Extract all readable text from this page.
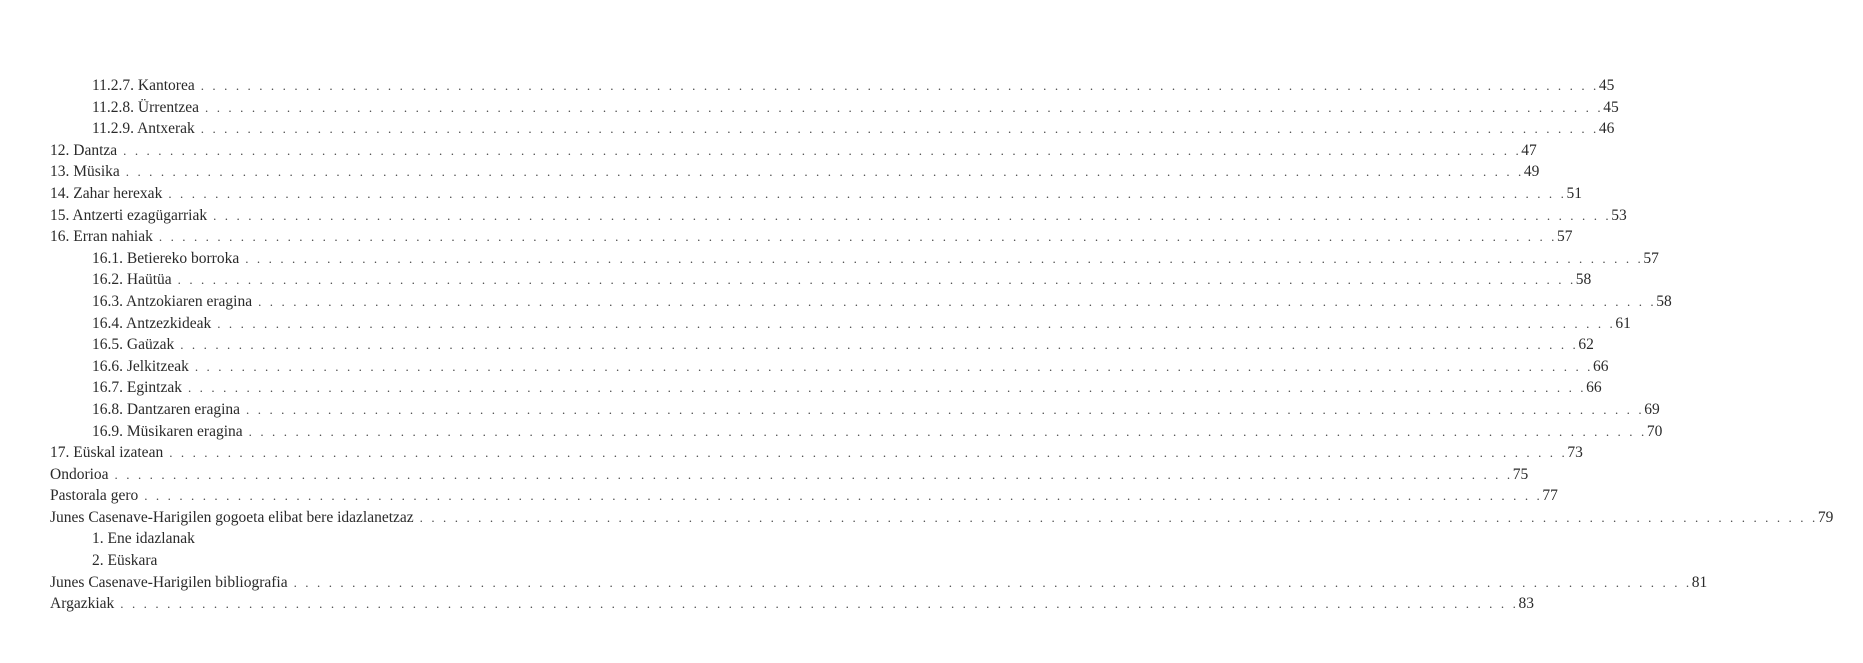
11.2.7. Kantorea . . . . . . . . . . . . . . . . . . . . . . . . . . . . . . . . . . . . . . . . . . . . . . . . . . . . . . . . . . . . . . . . . . . . . . . . . . . . . . . . . . . . . . . . . . . . . . . . . . . . . . . . . . . . . . . . . . . . . . . . 45
11.2.8. Ürrentzea . . . . . . . . . . . . . . . . . . . . . . . . . . . . . . . . . . . . . . . . . . . . . . . . . . . . . . . . . . . . . . . . . . . . . . . . . . . . . . . . . . . . . . . . . . . . . . . . . . . . . . . . . . . . . . . . . . . . . . . . 45
11.2.9. Antxerak . . . . . . . . . . . . . . . . . . . . . . . . . . . . . . . . . . . . . . . . . . . . . . . . . . . . . . . . . . . . . . . . . . . . . . . . . . . . . . . . . . . . . . . . . . . . . . . . . . . . . . . . . . . . . . . . . . . . . . . . 46
12. Dantza . . . . . . . . . . . . . . . . . . . . . . . . . . . . . . . . . . . . . . . . . . . . . . . . . . . . . . . . . . . . . . . . . . . . . . . . . . . . . . . . . . . . . . . . . . . . . . . . . . . . . . . . . . . . . . . . . . . . . . . . 47
13. Müsika . . . . . . . . . . . . . . . . . . . . . . . . . . . . . . . . . . . . . . . . . . . . . . . . . . . . . . . . . . . . . . . . . . . . . . . . . . . . . . . . . . . . . . . . . . . . . . . . . . . . . . . . . . . . . . . . . . . . . . . . 49
14. Zahar herexak . . . . . . . . . . . . . . . . . . . . . . . . . . . . . . . . . . . . . . . . . . . . . . . . . . . . . . . . . . . . . . . . . . . . . . . . . . . . . . . . . . . . . . . . . . . . . . . . . . . . . . . . . . . . . . . . . . . . . . . . 51
15. Antzerti ezagügarriak . . . . . . . . . . . . . . . . . . . . . . . . . . . . . . . . . . . . . . . . . . . . . . . . . . . . . . . . . . . . . . . . . . . . . . . . . . . . . . . . . . . . . . . . . . . . . . . . . . . . . . . . . . . . . . . . . . . . . . . . 53
16. Erran nahiak . . . . . . . . . . . . . . . . . . . . . . . . . . . . . . . . . . . . . . . . . . . . . . . . . . . . . . . . . . . . . . . . . . . . . . . . . . . . . . . . . . . . . . . . . . . . . . . . . . . . . . . . . . . . . . . . . . . . . . . . 57
16.1. Betiereko borroka . . . . . . . . . . . . . . . . . . . . . . . . . . . . . . . . . . . . . . . . . . . . . . . . . . . . . . . . . . . . . . . . . . . . . . . . . . . . . . . . . . . . . . . . . . . . . . . . . . . . . . . . . . . . . . . . . . . . . . . . 57
16.2. Haütüa . . . . . . . . . . . . . . . . . . . . . . . . . . . . . . . . . . . . . . . . . . . . . . . . . . . . . . . . . . . . . . . . . . . . . . . . . . . . . . . . . . . . . . . . . . . . . . . . . . . . . . . . . . . . . . . . . . . . . . . . 58
16.3. Antzokiaren eragina . . . . . . . . . . . . . . . . . . . . . . . . . . . . . . . . . . . . . . . . . . . . . . . . . . . . . . . . . . . . . . . . . . . . . . . . . . . . . . . . . . . . . . . . . . . . . . . . . . . . . . . . . . . . . . . . . . . . . . . . 58
16.4. Antzezkideak . . . . . . . . . . . . . . . . . . . . . . . . . . . . . . . . . . . . . . . . . . . . . . . . . . . . . . . . . . . . . . . . . . . . . . . . . . . . . . . . . . . . . . . . . . . . . . . . . . . . . . . . . . . . . . . . . . . . . . . . 61
16.5. Gaüzak . . . . . . . . . . . . . . . . . . . . . . . . . . . . . . . . . . . . . . . . . . . . . . . . . . . . . . . . . . . . . . . . . . . . . . . . . . . . . . . . . . . . . . . . . . . . . . . . . . . . . . . . . . . . . . . . . . . . . . . . 62
16.6. Jelkitzeak . . . . . . . . . . . . . . . . . . . . . . . . . . . . . . . . . . . . . . . . . . . . . . . . . . . . . . . . . . . . . . . . . . . . . . . . . . . . . . . . . . . . . . . . . . . . . . . . . . . . . . . . . . . . . . . . . . . . . . . . 66
16.7. Egintzak . . . . . . . . . . . . . . . . . . . . . . . . . . . . . . . . . . . . . . . . . . . . . . . . . . . . . . . . . . . . . . . . . . . . . . . . . . . . . . . . . . . . . . . . . . . . . . . . . . . . . . . . . . . . . . . . . . . . . . . . 66
16.8. Dantzaren eragina . . . . . . . . . . . . . . . . . . . . . . . . . . . . . . . . . . . . . . . . . . . . . . . . . . . . . . . . . . . . . . . . . . . . . . . . . . . . . . . . . . . . . . . . . . . . . . . . . . . . . . . . . . . . . . . . . . . . . . . . 69
16.9. Müsikaren eragina . . . . . . . . . . . . . . . . . . . . . . . . . . . . . . . . . . . . . . . . . . . . . . . . . . . . . . . . . . . . . . . . . . . . . . . . . . . . . . . . . . . . . . . . . . . . . . . . . . . . . . . . . . . . . . . . . . . . . . . . 70
17. Eüskal izatean . . . . . . . . . . . . . . . . . . . . . . . . . . . . . . . . . . . . . . . . . . . . . . . . . . . . . . . . . . . . . . . . . . . . . . . . . . . . . . . . . . . . . . . . . . . . . . . . . . . . . . . . . . . . . . . . . . . . . . . . 73
Ondorioa . . . . . . . . . . . . . . . . . . . . . . . . . . . . . . . . . . . . . . . . . . . . . . . . . . . . . . . . . . . . . . . . . . . . . . . . . . . . . . . . . . . . . . . . . . . . . . . . . . . . . . . . . . . . . . . . . . . . . . . . 75
Pastorala gero . . . . . . . . . . . . . . . . . . . . . . . . . . . . . . . . . . . . . . . . . . . . . . . . . . . . . . . . . . . . . . . . . . . . . . . . . . . . . . . . . . . . . . . . . . . . . . . . . . . . . . . . . . . . . . . . . . . . . . . . 77
Junes Casenave-Harigilen gogoeta elibat bere idazlanetzaz . . . . . . . . . . . . . . . . . . . . . . . . . . . . . . . . . . . . . . . . . . . . . . . . . . . . . . . . . . . . . . . . . . . . . . . . . . . . . . . . . . . . . . . . . . . . . . . . . . . . . . . . . . . . . . . . . . . . . . . . 79
1. Ene idazlanak
2. Eüskara
Junes Casenave-Harigilen bibliografia . . . . . . . . . . . . . . . . . . . . . . . . . . . . . . . . . . . . . . . . . . . . . . . . . . . . . . . . . . . . . . . . . . . . . . . . . . . . . . . . . . . . . . . . . . . . . . . . . . . . . . . . . . . . . . . . . . . . . . . . 81
Argazkiak . . . . . . . . . . . . . . . . . . . . . . . . . . . . . . . . . . . . . . . . . . . . . . . . . . . . . . . . . . . . . . . . . . . . . . . . . . . . . . . . . . . . . . . . . . . . . . . . . . . . . . . . . . . . . . . . . . . . . . . . 83
